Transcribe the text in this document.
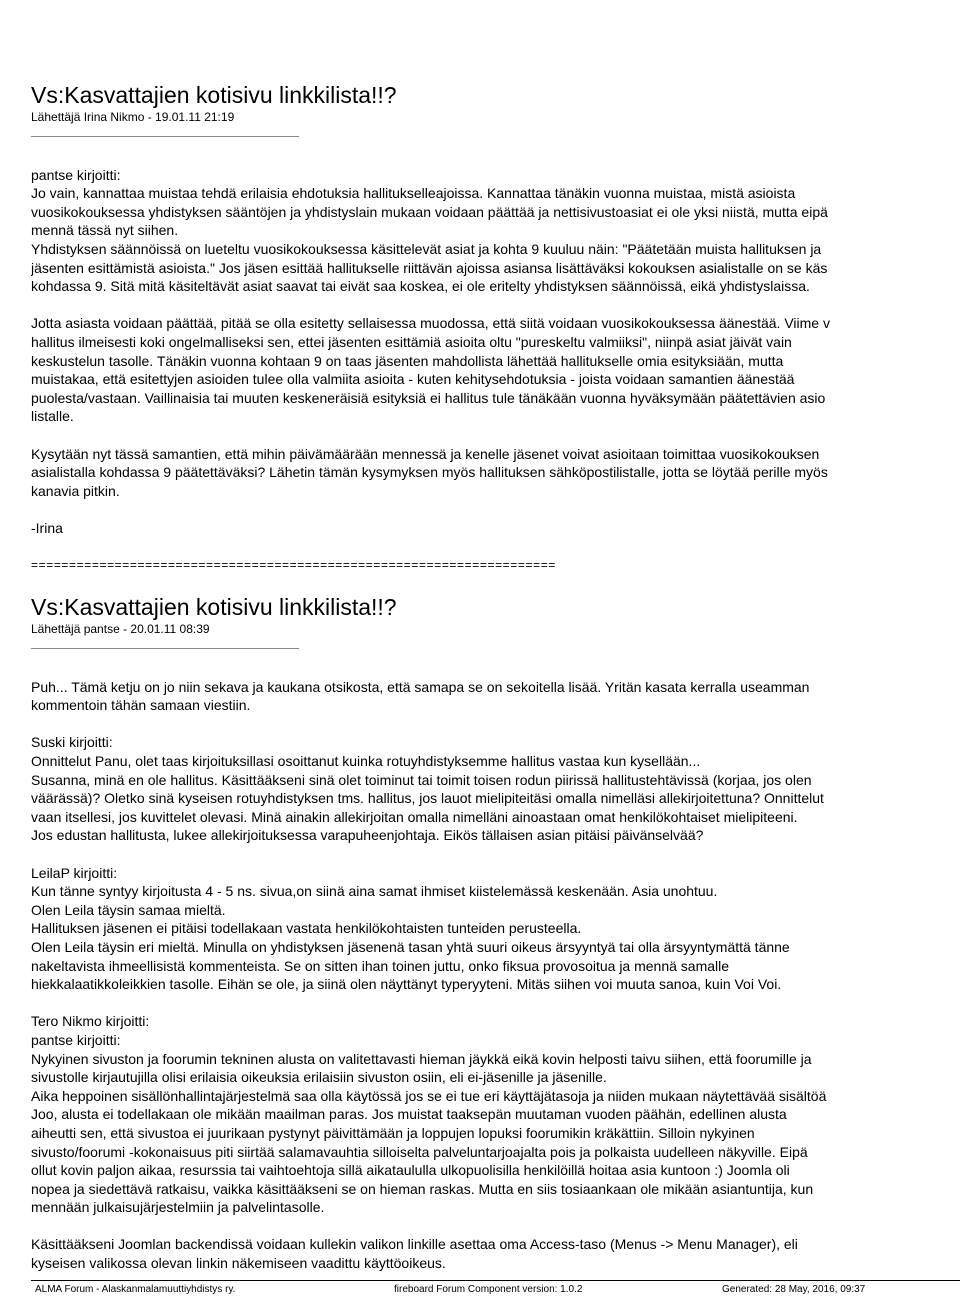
Vs:Kasvattajien kotisivu linkkilista!!?
Lähettäjä Irina Nikmo - 19.01.11 21:19
pantse kirjoitti:
Jo vain, kannattaa muistaa tehdä erilaisia ehdotuksia hallitukselleajoissa. Kannattaa tänäkin vuonna muistaa, mistä asioista
vuosikokouksessa yhdistyksen sääntöjen ja yhdistyslain mukaan voidaan päättää ja nettisivustoasiat ei ole yksi niistä, mutta eipä
mennä tässä nyt siihen.
Yhdistyksen säännöissä on lueteltu vuosikokouksessa käsittelevät asiat ja kohta 9 kuuluu näin: "Päätetään muista hallituksen ja
jäsenten esittämistä asioista." Jos jäsen esittää hallitukselle riittävän ajoissa asiansa lisättäväksi kokouksen asialistalle on se käs
kohdassa 9. Sitä mitä käsiteltävät asiat saavat tai eivät saa koskea, ei ole eritelty yhdistyksen säännöissä, eikä yhdistyslaissa.
Jotta asiasta voidaan päättää, pitää se olla esitetty sellaisessa muodossa, että siitä voidaan vuosikokouksessa äänestää. Viime v
hallitus ilmeisesti koki ongelmalliseksi sen, ettei jäsenten esittämiä asioita oltu "pureskeltu valmiiksi", niinpä asiat jäivät vain
keskustelun tasolle. Tänäkin vuonna kohtaan 9 on taas jäsenten mahdollista lähettää hallitukselle omia esityksiään, mutta
muistakaa, että esitettyjen asioiden tulee olla valmiita asioita - kuten kehitysehdotuksia - joista voidaan samantien äänestää
puolesta/vastaan. Vaillinaisia tai muuten keskeneräisiä esityksiä ei hallitus tule tänäkään vuonna hyväksymään päätettävien asio
listalle.
Kysytään nyt tässä samantien, että mihin päivämäärään mennessä ja kenelle jäsenet voivat asioitaan toimittaa vuosikokouksen
asialistalla kohdassa 9 päätettäväksi? Lähetin tämän kysymyksen myös hallituksen sähköpostilistalle, jotta se löytää perille myös
kanavia pitkin.
-Irina
=====================================================================
Vs:Kasvattajien kotisivu linkkilista!!?
Lähettäjä pantse - 20.01.11 08:39
Puh... Tämä ketju on jo niin sekava ja kaukana otsikosta, että samapa se on sekoitella lisää. Yritän kasata kerralla useamman
kommentoin tähän samaan viestiin.
Suski kirjoitti:
Onnittelut Panu, olet taas kirjoituksillasi osoittanut kuinka rotuyhdistyksemme hallitus vastaa kun kysellään...
Susanna, minä en ole hallitus. Käsittääkseni sinä olet toiminut tai toimit toisen rodun piirissä hallitustehtävissä (korjaa, jos olen
väärässä)? Oletko sinä kyseisen rotuyhdistyksen tms. hallitus, jos lauot mielipiteitäsi omalla nimelläsi allekirjoitettuna? Onnittelut
vaan itsellesi, jos kuvittelet olevasi. Minä ainakin allekirjoitan omalla nimelläni ainoastaan omat henkilökohtaiset mielipiteeni.
Jos edustan hallitusta, lukee allekirjoituksessa varapuheenjohtaja. Eikös tällaisen asian pitäisi päivänselvää?
LeilaP kirjoitti:
Kun tänne syntyy kirjoitusta 4 - 5 ns. sivua,on siinä aina samat ihmiset kiistelemässä keskenään. Asia unohtuu.
Olen Leila täysin samaa mieltä.
Hallituksen jäsenen ei pitäisi todellakaan vastata henkilökohtaisten tunteiden perusteella.
Olen Leila täysin eri mieltä. Minulla on yhdistyksen jäsenenä tasan yhtä suuri oikeus ärsyyntyä tai olla ärsyyntymättä tänne
nakeltavista ihmeellisistä kommenteista. Se on sitten ihan toinen juttu, onko fiksua provosoitua ja mennä samalle
hiekkalaatikkoleikkien tasolle. Eihän se ole, ja siinä olen näyttänyt typeryyteni. Mitäs siihen voi muuta sanoa, kuin Voi Voi.
Tero Nikmo kirjoitti:
pantse kirjoitti:
Nykyinen sivuston ja foorumin tekninen alusta on valitettavasti hieman jäykkä eikä kovin helposti taivu siihen, että foorumille ja
sivustolle kirjautujilla olisi erilaisia oikeuksia erilaisiin sivuston osiin, eli ei-jäsenille ja jäsenille.
Aika heppoinen sisällönhallintajärjestelmä saa olla käytössä jos se ei tue eri käyttäjätasoja ja niiden mukaan näytettävää sisältöä
Joo, alusta ei todellakaan ole mikään maailman paras. Jos muistat taaksepän muutaman vuoden päähän, edellinen alusta
aiheutti sen, että sivustoa ei juurikaan pystynyt päivittämään ja loppujen lopuksi foorumikin kräkättiin. Silloin nykyinen
sivusto/foorumi -kokonaisuus piti siirtää salamavauhtia silloiselta palveluntarjoajalta pois ja polkaista uudelleen näkyville. Eipä
ollut kovin paljon aikaa, resurssia tai vaihtoehtoja sillä aikataululla ulkopuolisilla henkilöillä hoitaa asia kuntoon :) Joomla oli
nopea ja siedettävä ratkaisu, vaikka käsittääkseni se on hieman raskas. Mutta en siis tosiaankaan ole mikään asiantuntija, kun
mennään julkaisujärjestelmiin ja palvelintasolle.
Käsittääkseni Joomlan backendissä voidaan kullekin valikon linkille asettaa oma Access-taso (Menus -> Menu Manager), eli
kyseisen valikossa olevan linkin näkemiseen vaadittu käyttöoikeus.
ALMA Forum - Alaskanmalamuuttiyhdistys ry.	fireboard Forum Component version: 1.0.2	Generated: 28 May, 2016, 09:37
